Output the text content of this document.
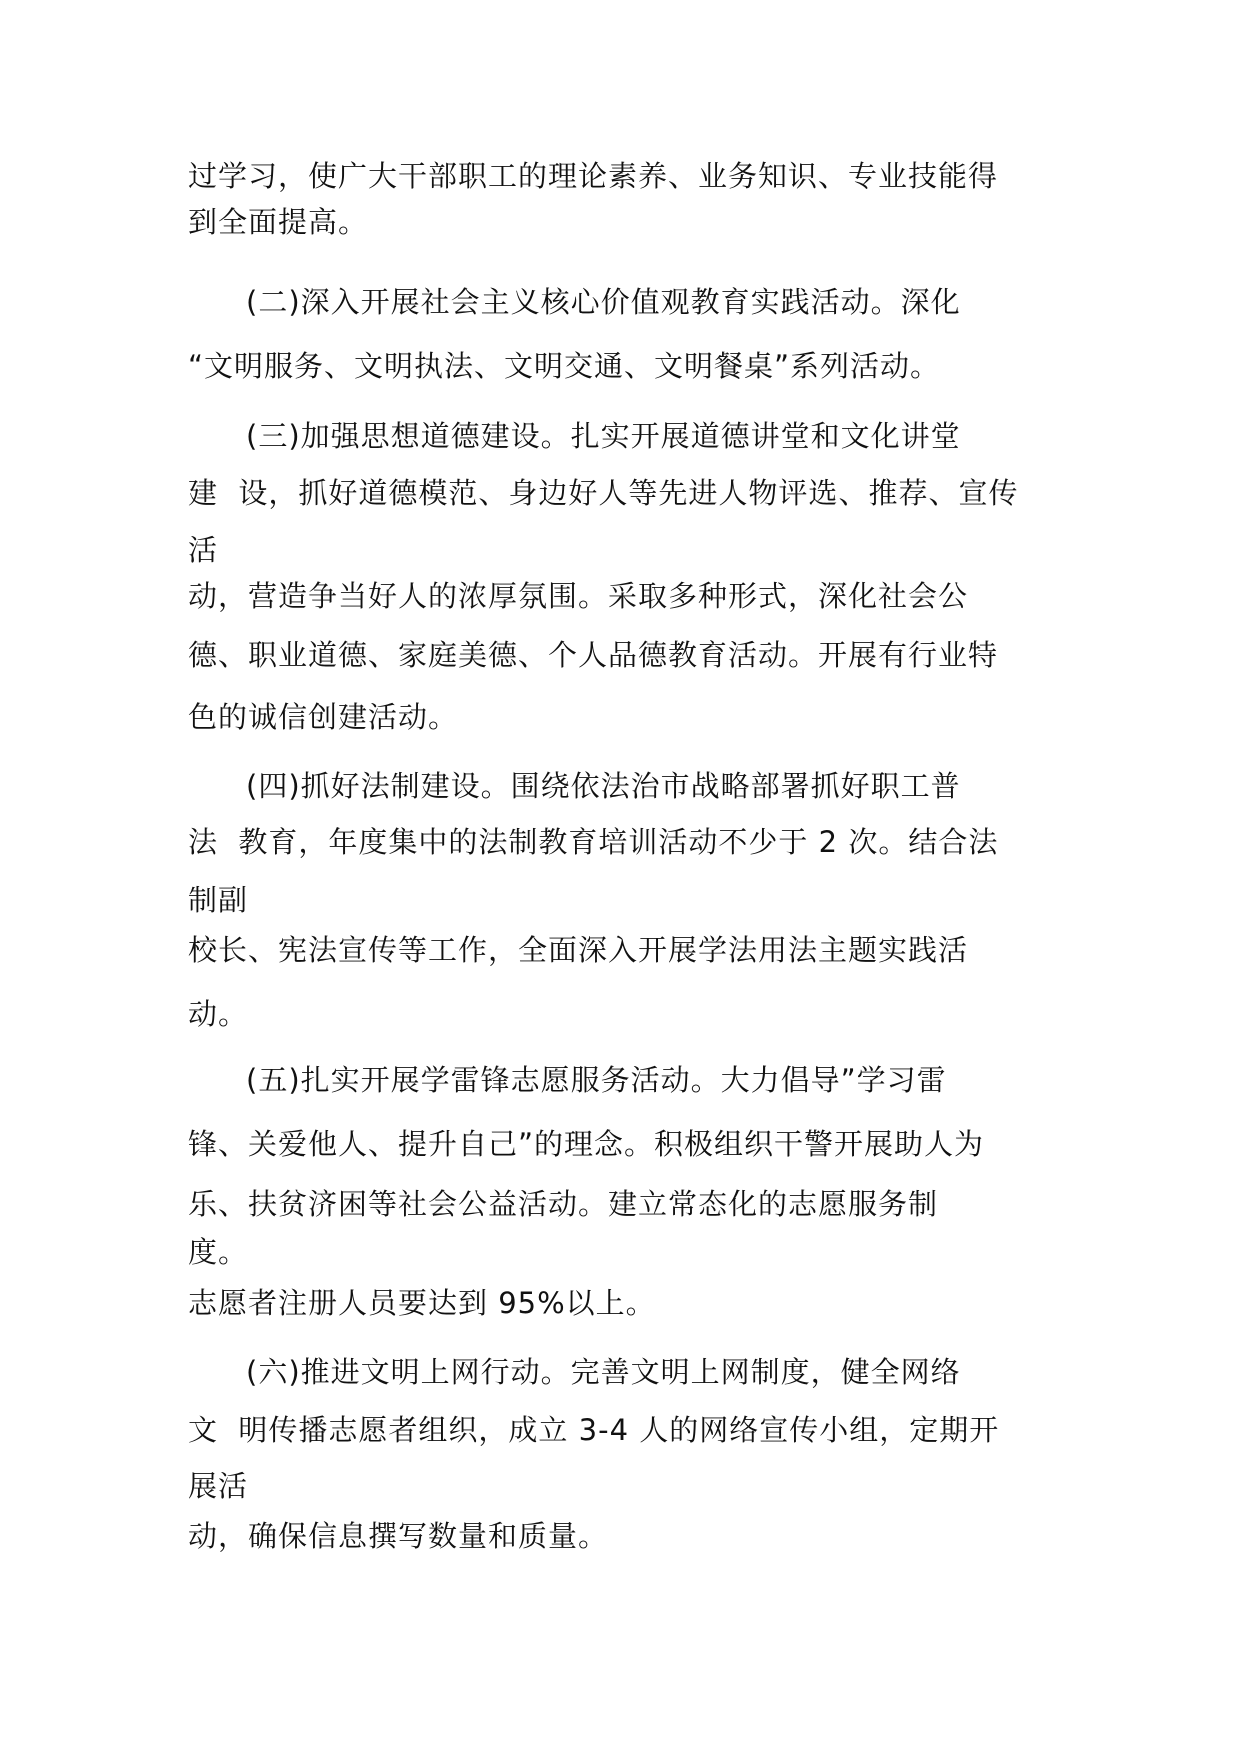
过学习，使广大干部职工的理论素养、业务知识、专业技能得
到全面提高。
(二)深入开展社会主义核心价值观教育实践活动。深化
“文明服务、文明执法、文明交通、文明餐桌”系列活动。
(三)加强思想道德建设。扎实开展道德讲堂和文化讲堂
建  设，抓好道德模范、身边好人等先进人物评选、推荐、宣传
活
动，营造争当好人的浓厚氛围。采取多种形式，深化社会公
德、职业道德、家庭美德、个人品德教育活动。开展有行业特
色的诚信创建活动。
(四)抓好法制建设。围绕依法治市战略部署抓好职工普
法  教育，年度集中的法制教育培训活动不少于 2 次。结合法
制副
校长、宪法宣传等工作，全面深入开展学法用法主题实践活
动。
(五)扎实开展学雷锋志愿服务活动。大力倡导”学习雷
锋、关爱他人、提升自己”的理念。积极组织干警开展助人为
乐、扶贫济困等社会公益活动。建立常态化的志愿服务制
度。
志愿者注册人员要达到 95%以上。
(六)推进文明上网行动。完善文明上网制度，健全网络
文  明传播志愿者组织，成立 3-4 人的网络宣传小组，定期开
展活
动，确保信息撰写数量和质量。
